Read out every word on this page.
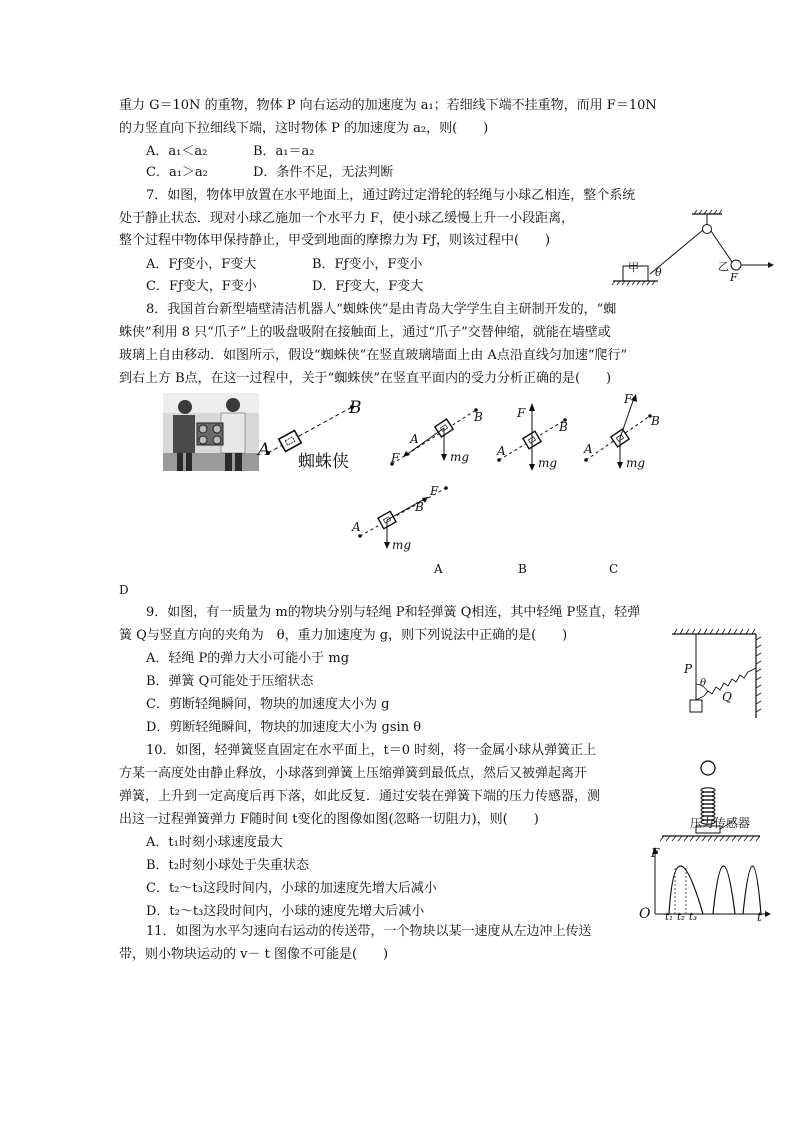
重力 G＝10N 的重物，物体 P 向右运动的加速度为 a₁；若细线下端不挂重物，而用 F＝10N
的力竖直向下拉细线下端，这时物体 P 的加速度为 a₂，则(　　)
A．a₁＜a₂	B．a₁＝a₂
C．a₁＞a₂	D．条件不足，无法判断
7．如图，物体甲放置在水平地面上，通过跨过定滑轮的轻绳与小球乙相连，整个系统
处于静止状态．现对小球乙施加一个水平力 F，使小球乙缓慢上升一小段距离，
整个过程中物体甲保持静止，甲受到地面的摩擦力为 Fƒ，则该过程中(　　)
A．Fƒ变小，F变大	B．Fƒ变小，F变小
C．Fƒ变大，F变小	D．Fƒ变大，F变大
甲 θ	乙
F
8．我国首台新型墙壁清洁机器人“蜘蛛侠”是由青岛大学学生自主研制开发的，“蜘
蛛侠”利用 8 只“爪子”上的吸盘吸附在接触面上，通过“爪子”交替伸缩，就能在墙壁或
玻璃上自由移动．如图所示，假设“蜘蛛侠”在竖直玻璃墙面上由 A点沿直线匀加速“爬行”
到右上方 B点，在这一过程中，关于“蜘蛛侠”在竖直平面内的受力分析正确的是(　　)
A
B
蜘蛛侠
A
B
F
mg
A
B
F	mg A
B
F
mg
A
B
F
mg
A	B	C
D
9．如图，有一质量为 m的物块分别与轻绳 P和轻弹簧 Q相连，其中轻绳 P竖直，轻弹
簧 Q与竖直方向的夹角为　θ，重力加速度为 g，则下列说法中正确的是(　　)
A．轻绳 P的弹力大小可能小于 mg
B．弹簧 Q可能处于压缩状态
C．剪断轻绳瞬间，物块的加速度大小为 g
D．剪断轻绳瞬间，物块的加速度大小为 gsin θ
P
θ
Q
10．如图，轻弹簧竖直固定在水平面上，t＝0 时刻，将一金属小球从弹簧正上
方某一高度处由静止释放，小球落到弹簧上压缩弹簧到最低点，然后又被弹起离开
弹簧，上升到一定高度后再下落，如此反复．通过安装在弹簧下端的压力传感器，测
出这一过程弹簧弹力 F随时间 t变化的图像如图(忽略一切阻力)，则(　　)
A．t₁时刻小球速度最大
B．t₂时刻小球处于失重状态
C．t₂～t₃这段时间内，小球的加速度先增大后减小
D．t₂～t₃这段时间内，小球的速度先增大后减小
压力传感器
F
O t₁ t₂ t₃	t
11．如图为水平匀速向右运动的传送带，一个物块以某一速度从左边冲上传送
带，则小物块运动的 v－ t 图像不可能是(　　)
